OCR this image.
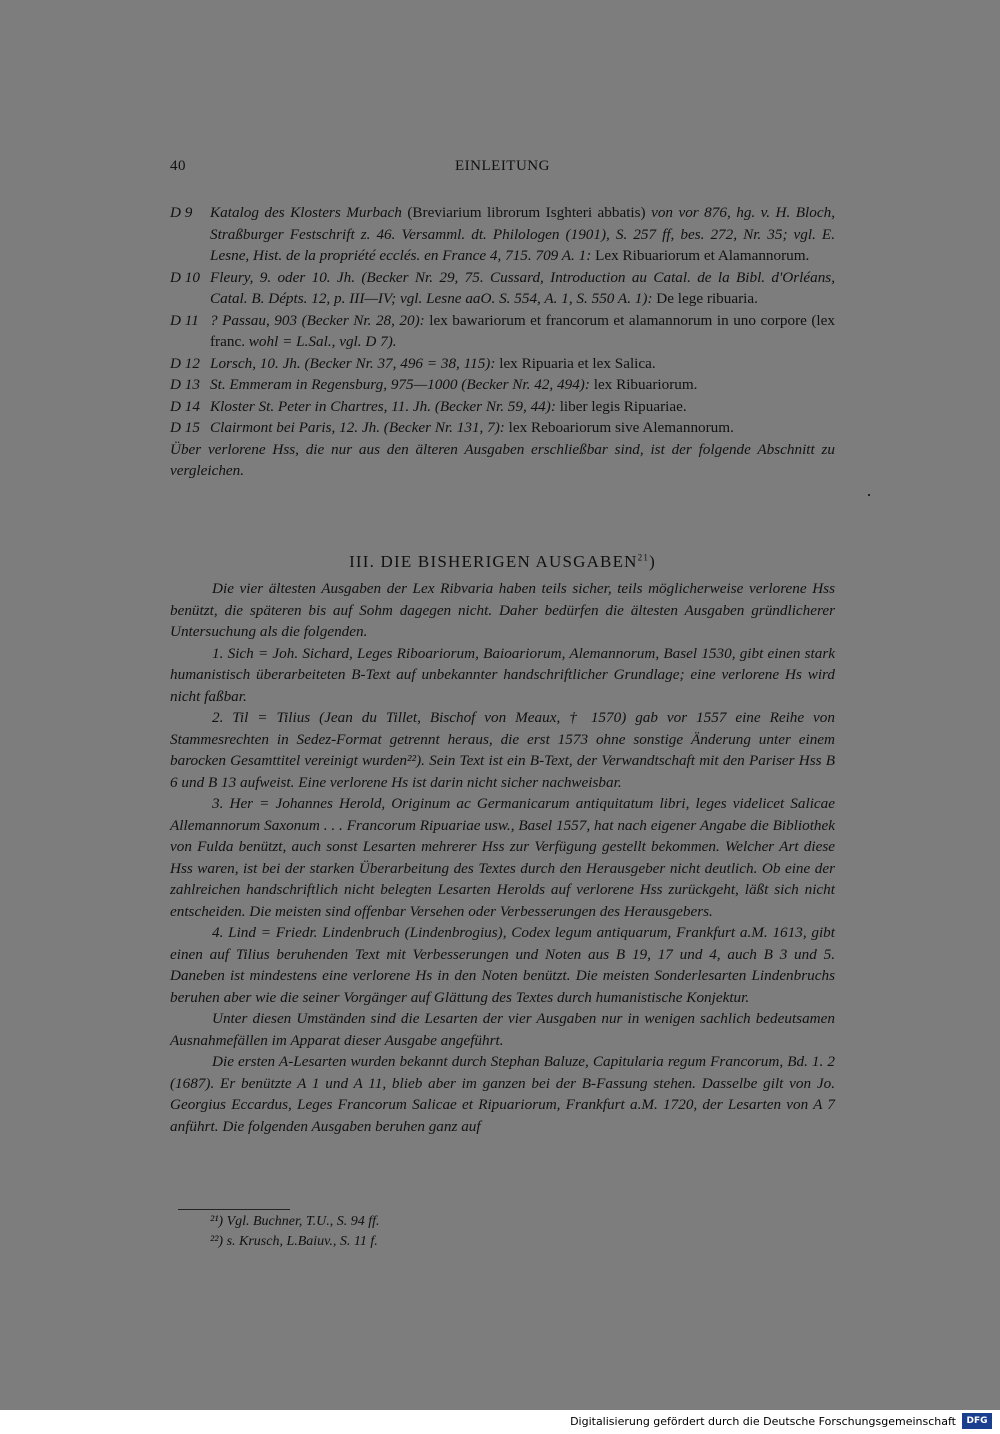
40	EINLEITUNG
D 9	Katalog des Klosters Murbach (Breviarium librorum Isghteri abbatis) von vor 876, hg. v. H. Bloch, Straßburger Festschrift z. 46. Versamml. dt. Philologen (1901), S. 257 ff, bes. 272, Nr. 35; vgl. E. Lesne, Hist. de la propriété ecclés. en France 4, 715. 709 A. 1: Lex Ribuariorum et Alamannorum.
D 10 Fleury, 9. oder 10. Jh. (Becker Nr. 29, 75. Cussard, Introduction au Catal. de la Bibl. d'Orléans, Catal. B. Dépts. 12, p. III—IV; vgl. Lesne aaO. S. 554, A. 1, S. 550 A. 1): De lege ribuaria.
D 11 ? Passau, 903 (Becker Nr. 28, 20): lex bawariorum et francorum et alamannorum in uno corpore (lex franc. wohl = L.Sal., vgl. D 7).
D 12 Lorsch, 10. Jh. (Becker Nr. 37, 496 = 38, 115): lex Ripuaria et lex Salica.
D 13 St. Emmeram in Regensburg, 975—1000 (Becker Nr. 42, 494): lex Ribuariorum.
D 14 Kloster St. Peter in Chartres, 11. Jh. (Becker Nr. 59, 44): liber legis Ripuariae.
D 15 Clairmont bei Paris, 12. Jh. (Becker Nr. 131, 7): lex Reboariorum sive Alemannorum.

Über verlorene Hss, die nur aus den älteren Ausgaben erschließbar sind, ist der folgende Abschnitt zu vergleichen.

III. DIE BISHERIGEN AUSGABEN$^{21}$)

Die vier ältesten Ausgaben der Lex Ribvaria haben teils sicher, teils möglicherweise verlorene Hss benützt, die späteren bis auf Sohm dagegen nicht. Daher bedürfen die ältesten Ausgaben gründlicherer Untersuchung als die folgenden.

1. Sich = Joh. Sichard, Leges Riboariorum, Baioariorum, Alemannorum, Basel 1530, gibt einen stark humanistisch überarbeiteten B-Text auf unbekannter handschriftlicher Grundlage; eine verlorene Hs wird nicht faßbar.

2. Til = Tilius (Jean du Tillet, Bischof von Meaux, † 1570) gab vor 1557 eine Reihe von Stammesrechten in Sedez-Format getrennt heraus, die erst 1573 ohne sonstige Änderung unter einem barocken Gesamttitel vereinigt wurden²²). Sein Text ist ein B-Text, der Verwandtschaft mit den Pariser Hss B 6 und B 13 aufweist. Eine verlorene Hs ist darin nicht sicher nachweisbar.

3. Her = Johannes Herold, Originum ac Germanicarum antiquitatum libri, leges videlicet Salicae Allemannorum Saxonum . . . Francorum Ripuariae usw., Basel 1557, hat nach eigener Angabe die Bibliothek von Fulda benützt, auch sonst Lesarten mehrerer Hss zur Verfügung gestellt bekommen. Welcher Art diese Hss waren, ist bei der starken Überarbeitung des Textes durch den Herausgeber nicht deutlich. Ob eine der zahlreichen handschriftlich nicht belegten Lesarten Herolds auf verlorene Hss zurückgeht, läßt sich nicht entscheiden. Die meisten sind offenbar Versehen oder Verbesserungen des Herausgebers.

4. Lind = Friedr. Lindenbruch (Lindenbrogius), Codex legum antiquarum, Frankfurt a.M. 1613, gibt einen auf Tilius beruhenden Text mit Verbesserungen und Noten aus B 19, 17 und 4, auch B 3 und 5. Daneben ist mindestens eine verlorene Hs in den Noten benützt. Die meisten Sonderlesarten Lindenbruchs beruhen aber wie die seiner Vorgänger auf Glättung des Textes durch humanistische Konjektur.

Unter diesen Umständen sind die Lesarten der vier Ausgaben nur in wenigen sachlich bedeutsamen Ausnahmefällen im Apparat dieser Ausgabe angeführt.

Die ersten A-Lesarten wurden bekannt durch Stephan Baluze, Capitularia regum Francorum, Bd. 1. 2 (1687). Er benützte A 1 und A 11, blieb aber im ganzen bei der B-Fassung stehen. Dasselbe gilt von Jo. Georgius Eccardus, Leges Francorum Salicae et Ripuariorum, Frankfurt a.M. 1720, der Lesarten von A 7 anführt. Die folgenden Ausgaben beruhen ganz auf

²¹) Vgl. Buchner, T.U., S. 94 ff.
²²) s. Krusch, L.Baiuv., S. 11 f.
Digitalisierung gefördert durch die Deutsche Forschungsgemeinschaft	DFG
